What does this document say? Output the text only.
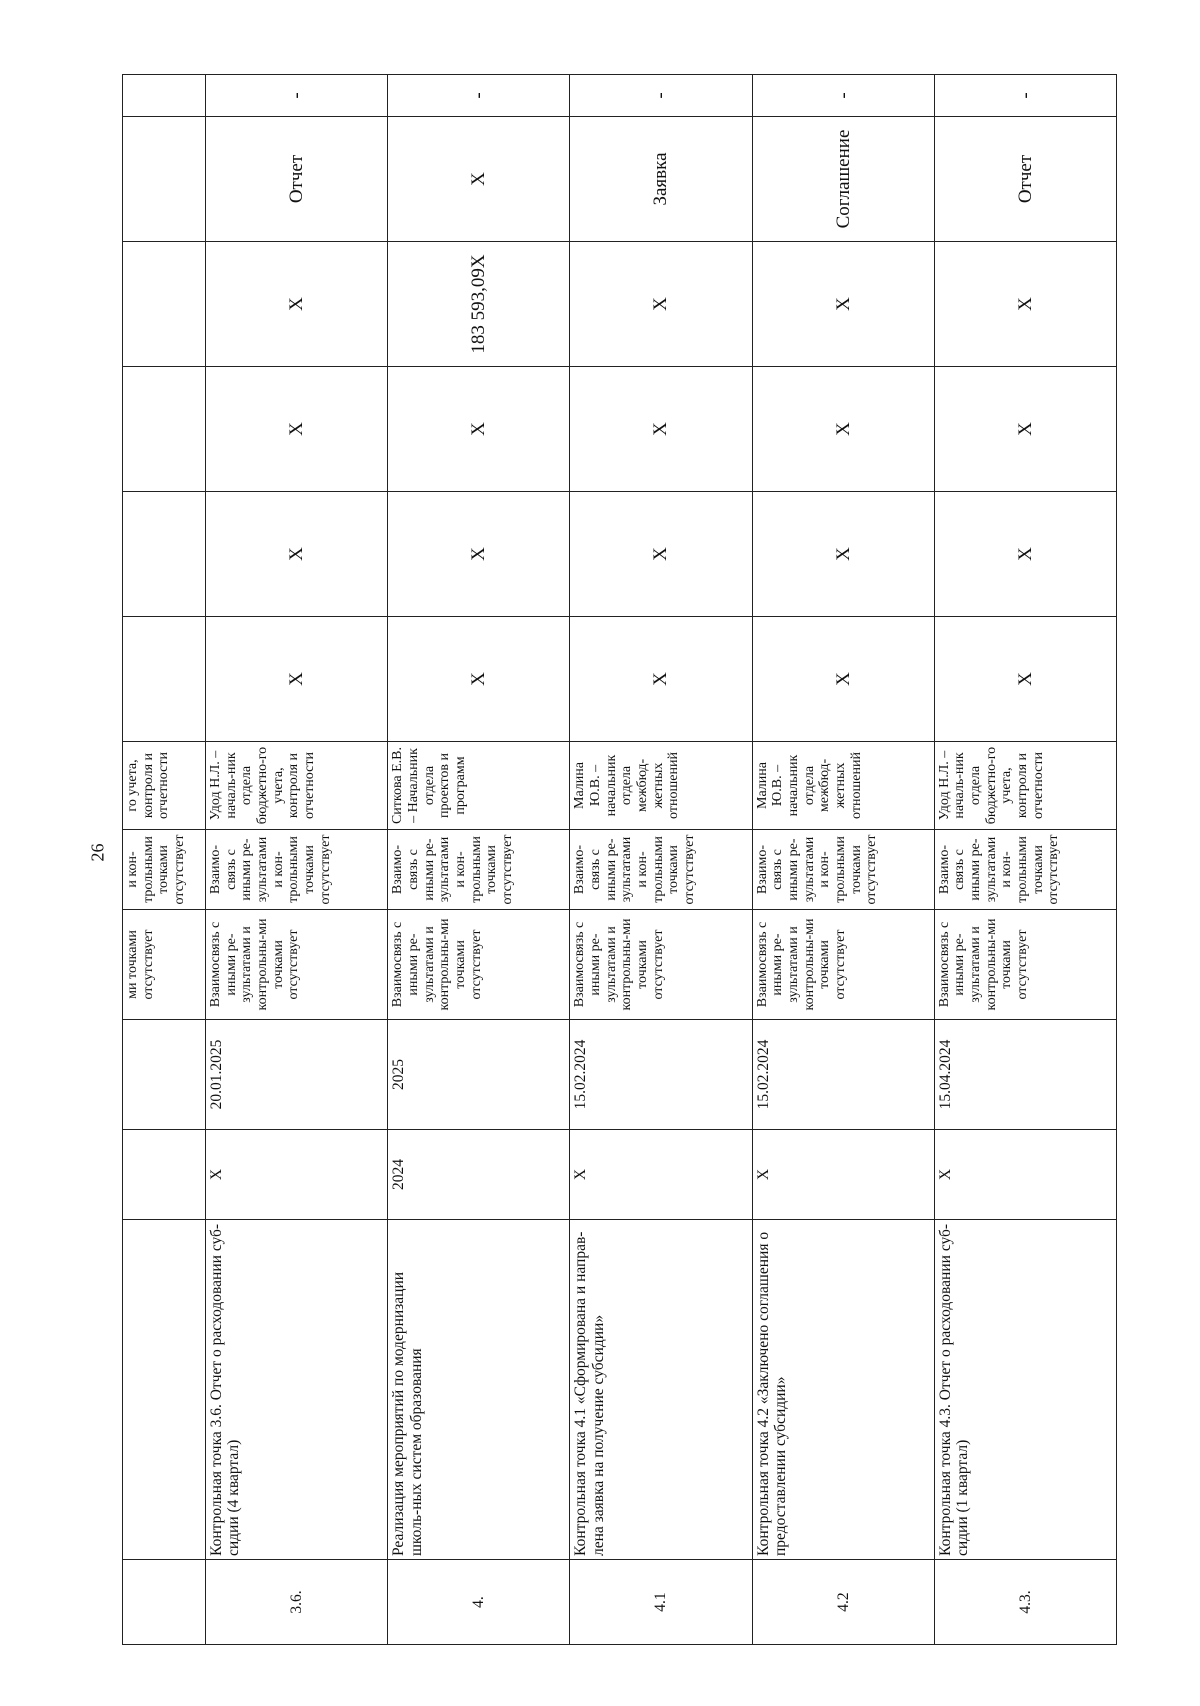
26
				ми точками отсутствует	и кон-трольными точками отсутствует	го учета, контроля и отчетности						
3.6.	Контрольная точка 3.6. Отчет о расходовании суб-сидии (4 квартал)	X	20.01.2025	Взаимосвязь с иными ре-зультатами и контрольны-ми точками отсутствует	Взаимо-связь с иными ре-зультатами и кон-трольными точками отсутствует	Удод Н.Л. – началь-ник отдела бюджетно-го учета, контроля и отчетности	X	X	X	X	Отчет	-
4.	Реализация мероприятий по модернизации школь-ных систем образования	2024	2025	Взаимосвязь с иными ре-зультатами и контрольны-ми точками отсутствует	Взаимо-связь с иными ре-зультатами и кон-трольными точками отсутствует	Ситкова Е.В. – Начальник отдела проектов и программ	X	X	X	183 593,09X	X	-
4.1	Контрольная точка 4.1 «Сформирована и направ-лена заявка на получение субсидии»	X	15.02.2024	Взаимосвязь с иными ре-зультатами и контрольны-ми точками отсутствует	Взаимо-связь с иными ре-зультатами и кон-трольными точками отсутствует	Малина Ю.В. – начальник отдела межбюд-жетных отношений	X	X	X	X	Заявка	-
4.2	Контрольная точка 4.2 «Заключено соглашения о предоставлении субсидии»	X	15.02.2024	Взаимосвязь с иными ре-зультатами и контрольны-ми точками отсутствует	Взаимо-связь с иными ре-зультатами и кон-трольными точками отсутствует	Малина Ю.В. – начальник отдела межбюд-жетных отношений	X	X	X	X	Соглашение	-
4.3.	Контрольная точка 4.3. Отчет о расходовании суб-сидии (1 квартал)	X	15.04.2024	Взаимосвязь с иными ре-зультатами и контрольны-ми точками отсутствует	Взаимо-связь с иными ре-зультатами и кон-трольными точками отсутствует	Удод Н.Л. – началь-ник отдела бюджетно-го учета, контроля и отчетности	X	X	X	X	Отчет	-
